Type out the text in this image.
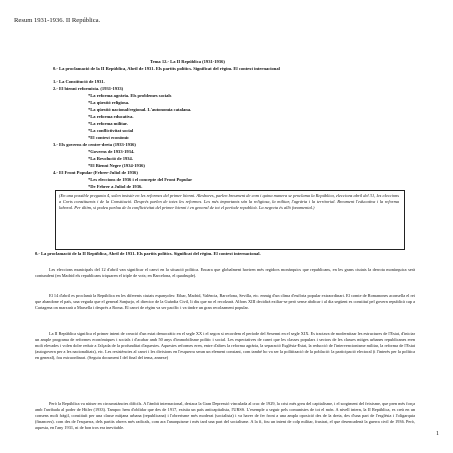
Resum 1931-1936. II República.
Tema 12.- La II República (1931-1936)
0.- La proclamació de la II República, Abril de 1931. Els partits polítics. Significat del règim. El context internacional
1.- La Constitució de 1931.
2.- El bienni reformista. (1931-1933)
*La reforma agrària. Els problemes socials
*La qüestió religiosa.
*La qüestió nacional/regional. L'autonomia catalana.
*La reforma educativa.
*La reforma militar.
*La conflictivitat social
*El context econòmic
3.- Els governs de centre-dreta (1933-1936)
*Governs de 1933-1934.
*La Revolució de 1934.
*El Bienni Negre (1934-1936)
4.- El Front Popular (Febrer-Juliol de 1936)
*Les eleccions de 1936 i el concepte del Front Popular
*De Febrer a Juliol de 1936.
(En una possible pregunta 4, solen insistir en les reformes del primer bienni. Aleshores, parlen breument de com i quina manera se proclama la República, eleccions abril del 31, les eleccions a Corts constituents i de la Constitució. Després parlen de totes les reformes. Les més importants són la religiosa, la militar, l'agrària i la territorial. Breument l'educativa i la reforma laboral. Per últim, si podeu parlau de la conflictivitat del primer bienni i en general de tot el període republicà. La negreta és allò fonamental.)
0.- La proclamació de la II República, Abril de 1931. Els partits polítics. Significat del règim. El context internacional.
Les eleccions municipals del 12 d'abril van significar el canvi en la situació política. Encara que globalment haviren més regidors monàrquics que republicans, en les grans ciutats la derrota monàrquica serà contundent (en Madrid els republicans triquaren el triple de vots; en Barcelona, el quadruple).
El 14 d'abril es proclamà la República en les diferents ciutats espanyoles: Eibar, Madrid, València, Barcelona, Sevilla, etc. enmig d'un clima d'eufòria popular extraordinari. El comte de Romanones aconsella el rei que abandone el país, una veguda que el general Sanjurjo, el director de la Guàrdia Civil, li diu que no el recolzarà. Alfons XIII decidirà exiliar-se però sense abdicar i al dia següent es constituï pel govern republicà cap a Cartagena on marxarà a Marsella i després a Roma. El canvi de règim va ser pacífic i va tindre un gran recolzament popular.
La II República significa el primer intent de creació d'un estat democràtic en el segle XX i el segon si recordem el període del Sexenni en el segle XIX. Es tractava de modernitzar les estructures de l'Estat, d'iniciar un ample programa de reformes econòmiques i socials i d'acabar amb 50 anys d'immobilisme polític i social. Les expectatives de canvi que les classes populars i sectors de les classes mitges urbanes republicanes eren molt elevades i volen dolre reduir a l'alçada de la profunditat d'aquestes. Aquestes reformes eren, entre d'altres la reforma agrària, la separació Església-Estat, la reducció de l'intervencionisme militar, la reforma de l'Estat (autogovern per a les nacionalitats), etc. Les resistències al canvi i les divisions en l'esquerra seran un element constant, com també ho va ser la polítització de la població: la participació electoral (i l'interès per la política en general), fou extraordinari. (Seguiu document I del final del tema, annexe)
Però la República va nàixer en circumstàncies difícils. A l'àmbit internacional, destaca la Gran Depressió vinculada al crac de 1929, la crisi més greu del capitalisme, i el sorgiment del feixisme, que pren més força amb l'arribada al poder de Hitler (1933). Tampoc hem d'oblidar que des de 1917, existia un país anticapitalista, l'URSS. L'exemple a seguir pels comunistes de tot el món. A nivell intern, la II República, es creà en un consens molt fràgil, constituït per una classe mitjana urbana (republicana) i l'obrerisme més moderat (socialista) i va haver de fer front a una ampla oposició des de la dreta, des d'una part de l'església i l'oligarquia (financers). com des de l'esquerra, dels partits obrers més radicals, com ara l'anarquisme i més tard una part del socialisme. A la fi, fou un intent de colp militar, frustrat, el que desencadenà la guerra civil de 1936. Però, aquesta, en l'any 1931, ni de bon tros era inevitable.
1
